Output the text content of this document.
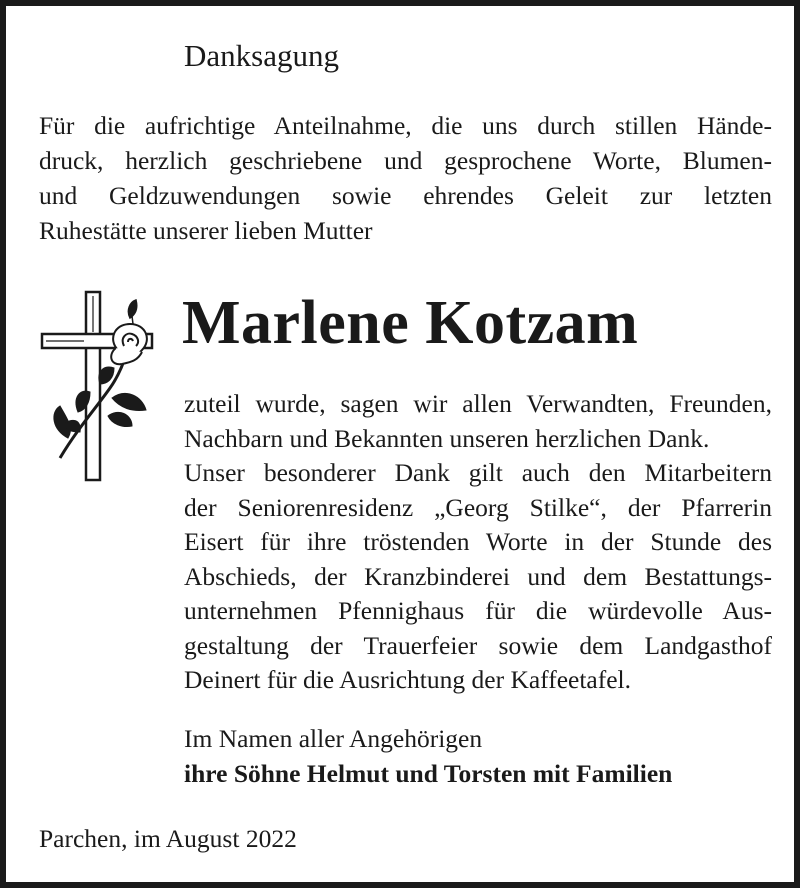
Danksagung
Für die aufrichtige Anteilnahme, die uns durch stillen Hände-
druck, herzlich geschriebene und gesprochene Worte, Blumen-
und Geldzuwendungen sowie ehrendes Geleit zur letzten
Ruhestätte unserer lieben Mutter
Marlene Kotzam
zuteil wurde, sagen wir allen Verwandten, Freunden,
Nachbarn und Bekannten unseren herzlichen Dank.
Unser besonderer Dank gilt auch den Mitarbeitern
der Seniorenresidenz „Georg Stilke“, der Pfarrerin
Eisert für ihre tröstenden Worte in der Stunde des
Abschieds, der Kranzbinderei und dem Bestattungs-
unternehmen Pfennighaus für die würdevolle Aus-
gestaltung der Trauerfeier sowie dem Landgasthof
Deinert für die Ausrichtung der Kaffeetafel.
Im Namen aller Angehörigen
ihre Söhne Helmut und Torsten mit Familien
Parchen, im August 2022
